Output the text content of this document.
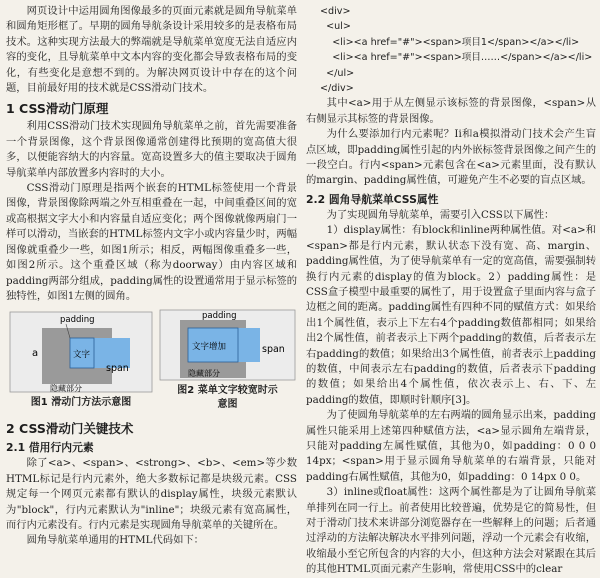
网页设计中运用圆角图像最多的页面元素就是圆角导航菜单和圆角矩形框了。早期的圆角导航条设计采用较多的是表格布局技术。这种实现方法最大的弊端就是导航菜单宽度无法自适应内容的变化，且导航菜单中文本内容的变化都会导致表格布局的变化，有些变化是意想不到的。为解决网页设计中存在的这个问题，目前最好用的技术就是CSS滑动门技术。

1 CSS滑动门原理

利用CSS滑动门技术实现圆角导航菜单之前，首先需要准备一个背景图像，这个背景图像通常创建得比预期的宽高值大很多，以便能容纳大的内容量。宽高设置多大的值主要取决于圆角导航菜单内部放置多内容时的大小。

CSS滑动门原理是指两个嵌套的HTML标签使用一个背景图像，背景图像除两端之外互相重叠在一起，中间重叠区间的宽或高根据文字大小和内容量自适应变化；两个图像就像两扇门一样可以滑动，当嵌套的HTML标签内文字小或内容量少时，两幅图像就重叠少一些，如图1所示；相反，两幅图像重叠多一些，如图2所示。这个重叠区域（称为doorway）由内容区域和padding两部分组成，padding属性的设置通常用于显示标签的独特性，如图1左侧的圆角。

padding
a	文字
span
隐藏部分
图1 滑动门方法示意图
padding
文字增加	span
隐藏部分
图2 菜单文字较宽时示
意图
2 CSS滑动门关键技术
2.1 借用行内元素

除了<a>、<span>、<strong>、<b>、<em>等少数HTML标记是行内元素外，绝大多数标记都是块级元素。CSS规定每一个网页元素都有默认的display属性，块级元素默认为"block"，行内元素默认为"inline"；块级元素有宽高属性，而行内元素没有。行内元素是实现圆角导航菜单的关键所在。

圆角导航菜单通用的HTML代码如下：

<div>
<ul>
<li><a href="#"><span>项目1</span></a></li>
<li><a href="#"><span>项目……</span></a></li>
</ul>
</div>

其中<a>用于从左侧显示该标签的背景图像，<span>从右侧显示其标签的背景图像。

为什么要添加行内元素呢？Ii和a模拟滑动门技术会产生盲点区域，即padding属性引起的内外嵌标签背景图像之间产生的一段空白。行内<span>元素包含在<a>元素里面，没有默认的margin、padding属性值，可避免产生不必要的盲点区域。

2.2 圆角导航菜单CSS属性

为了实现圆角导航菜单，需要引入CSS以下属性：

1）display属性：有block和inline两种属性值。对<a>和<span>都是行内元素，默认状态下没有宽、高、margin、padding属性值，为了使导航菜单有一定的宽高值，需要强制转换行内元素的display的值为block。2）padding属性：是CSS盒子模型中最重要的属性了，用于设置盒子里面内容与盒子边框之间的距离。padding属性有四种不同的赋值方式：如果给出1个属性值，表示上下左右4个padding数值都相同；如果给出2个属性值，前者表示上下两个padding的数值，后者表示左右padding的数值；如果给出3个属性值，前者表示上padding的数值，中间表示左右padding的数值，后者表示下padding的数值；如果给出4个属性值，依次表示上、右、下、左padding的数值，即顺时针顺序[3]。

为了使圆角导航菜单的左右两端的圆角显示出来，padding属性只能采用上述第四种赋值方法，<a>显示圆角左端背景，只能对padding左属性赋值，其他为0，如padding：0 0 0 14px；<span>用于显示圆角导航菜单的右端背景，只能对padding右属性赋值，其他为0，如padding：0 14px 0 0。

3）inline或float属性：这两个属性都是为了让圆角导航菜单排列在同一行上。前者使用比较普遍，优势是它的简易性，但对于滑动门技术来讲部分浏览器存在一些解释上的问题；后者通过浮动的方法解决解决水平排列问题，浮动一个元素会有收缩，收缩最小至它所包含的内容的大小，但这种方法会对紧跟在其后的其他HTML页面元素产生影响，常使用CSS中的clear
